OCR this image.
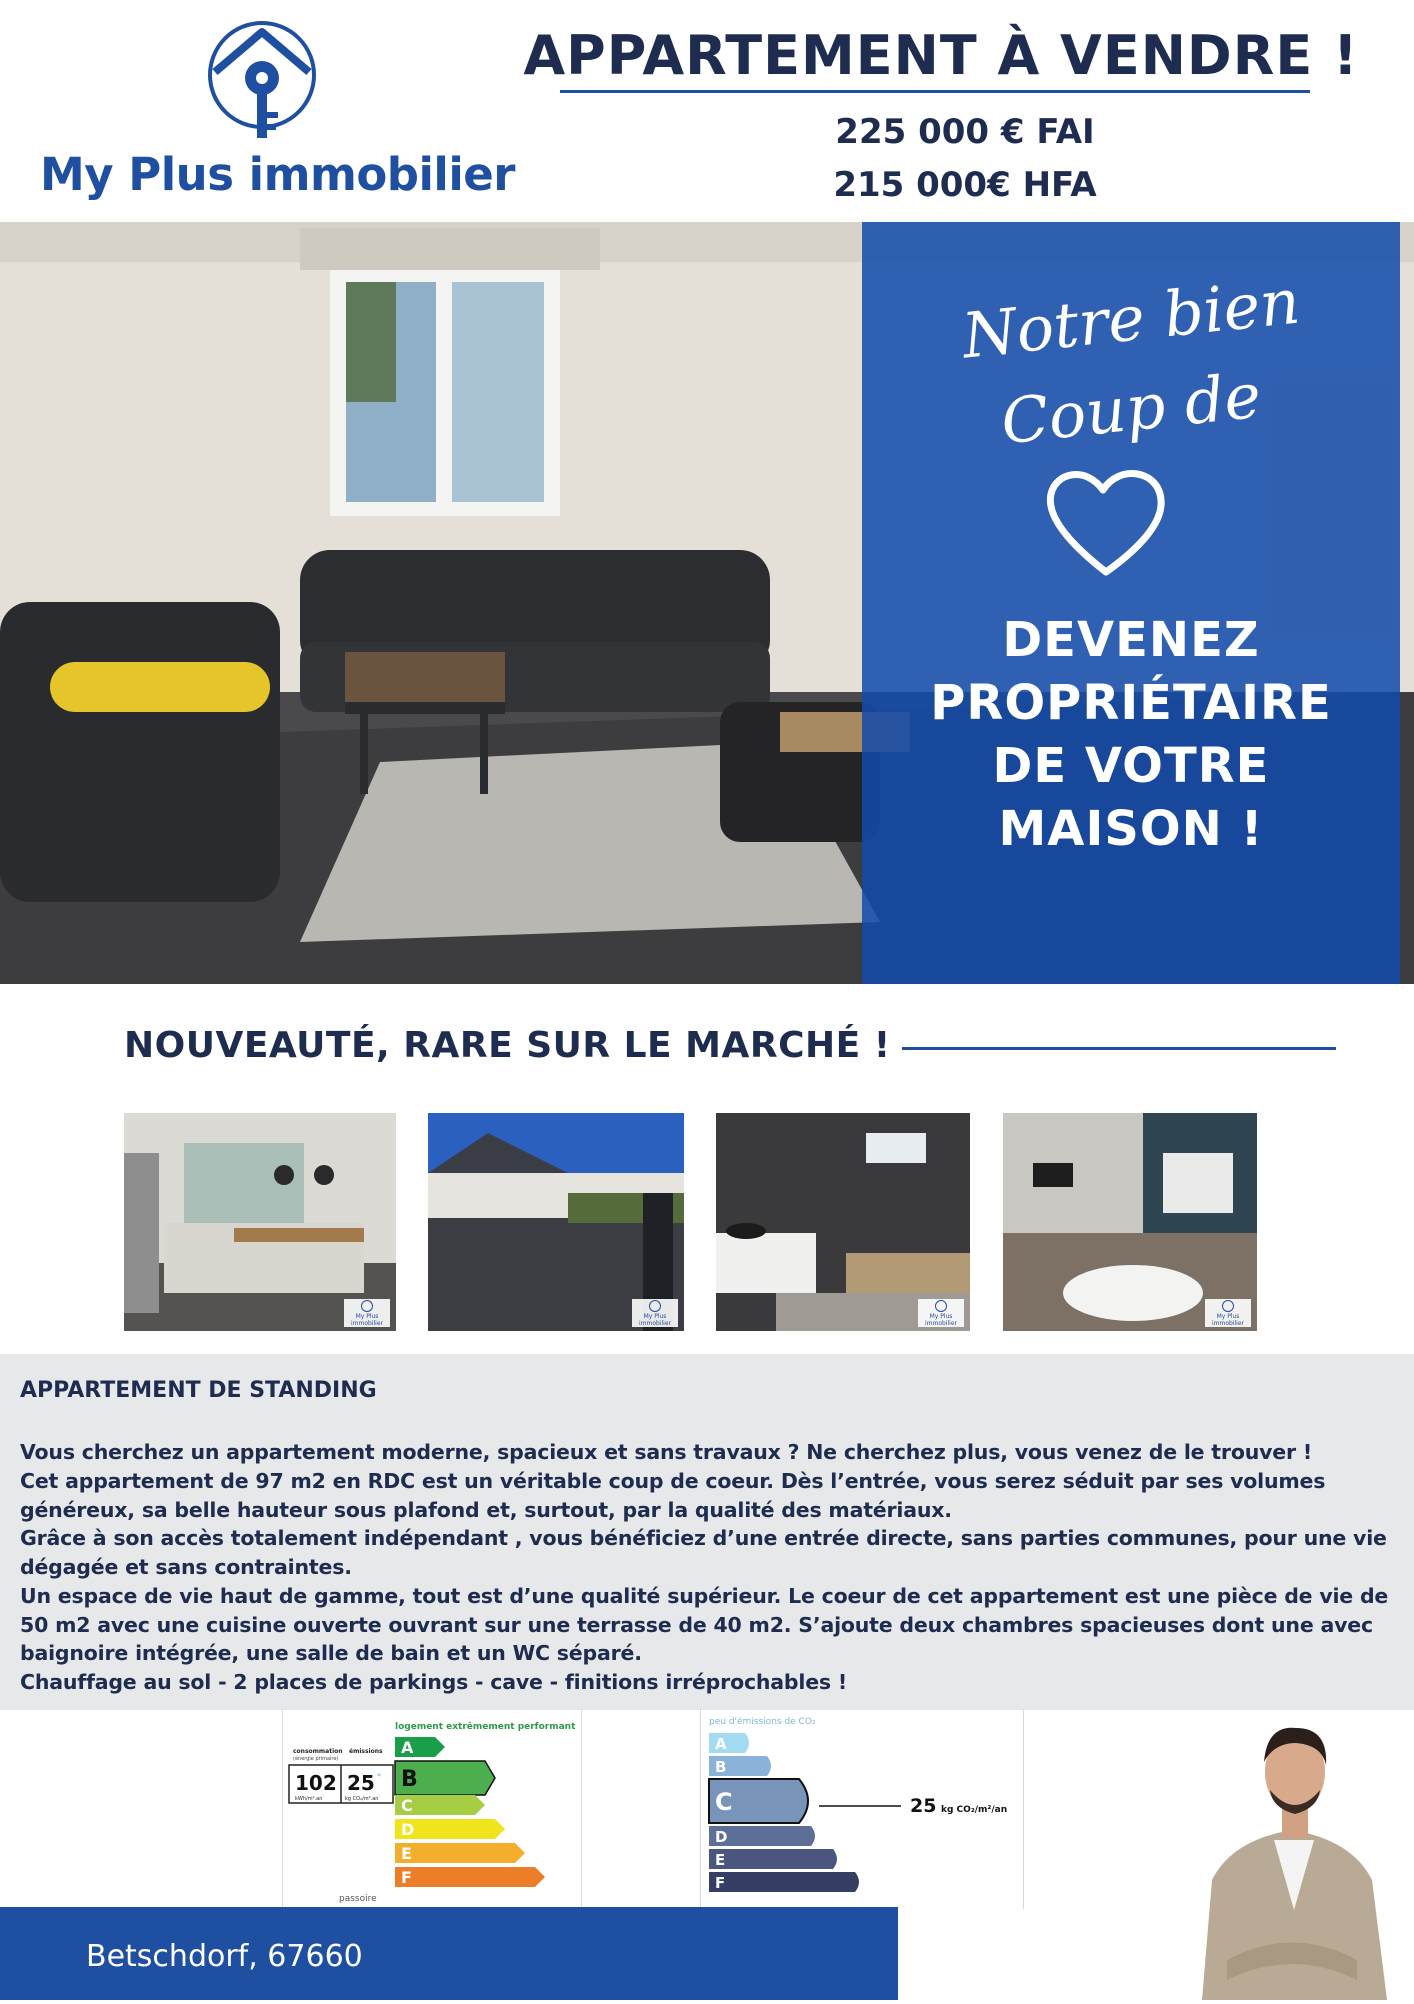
My Plus immobilier
APPARTEMENT À VENDRE !
225 000 € FAI
215 000€ HFA
Notre bien
Coup de
DEVENEZ
PROPRIÉTAIRE
DE VOTRE
MAISON !
NOUVEAUTÉ, RARE SUR LE MARCHÉ !
My Plus immobilier
My Plus immobilier
My Plus immobilier
My Plus immobilier
APPARTEMENT DE STANDING
Vous cherchez un appartement moderne, spacieux et sans travaux ? Ne cherchez plus, vous venez de le trouver !
Cet appartement de 97 m2 en RDC est un véritable coup de coeur. Dès l’entrée, vous serez séduit par ses volumes
généreux, sa belle hauteur sous plafond et, surtout, par la qualité des matériaux.
Grâce à son accès totalement indépendant , vous bénéficiez d’une entrée directe, sans parties communes, pour une vie
dégagée et sans contraintes.
Un espace de vie haut de gamme, tout est d’une qualité supérieur. Le coeur de cet appartement est une pièce de vie de
50 m2 avec une cuisine ouverte ouvrant sur une terrasse de 40 m2. S’ajoute deux chambres spacieuses dont une avec
baignoire intégrée, une salle de bain et un WC séparé.
Chauffage au sol - 2 places de parkings - cave - finitions irréprochables !
logement extrêmement performant
consommation
(énergie primaire)
émissions
102 25 *
kWh/m².an	kg CO₂/m².an
A
B
C
D
E
F
passoire
peu d'émissions de CO₂
A
B
C
D
E
F
25 kg CO₂/m²/an
Betschdorf, 67660
